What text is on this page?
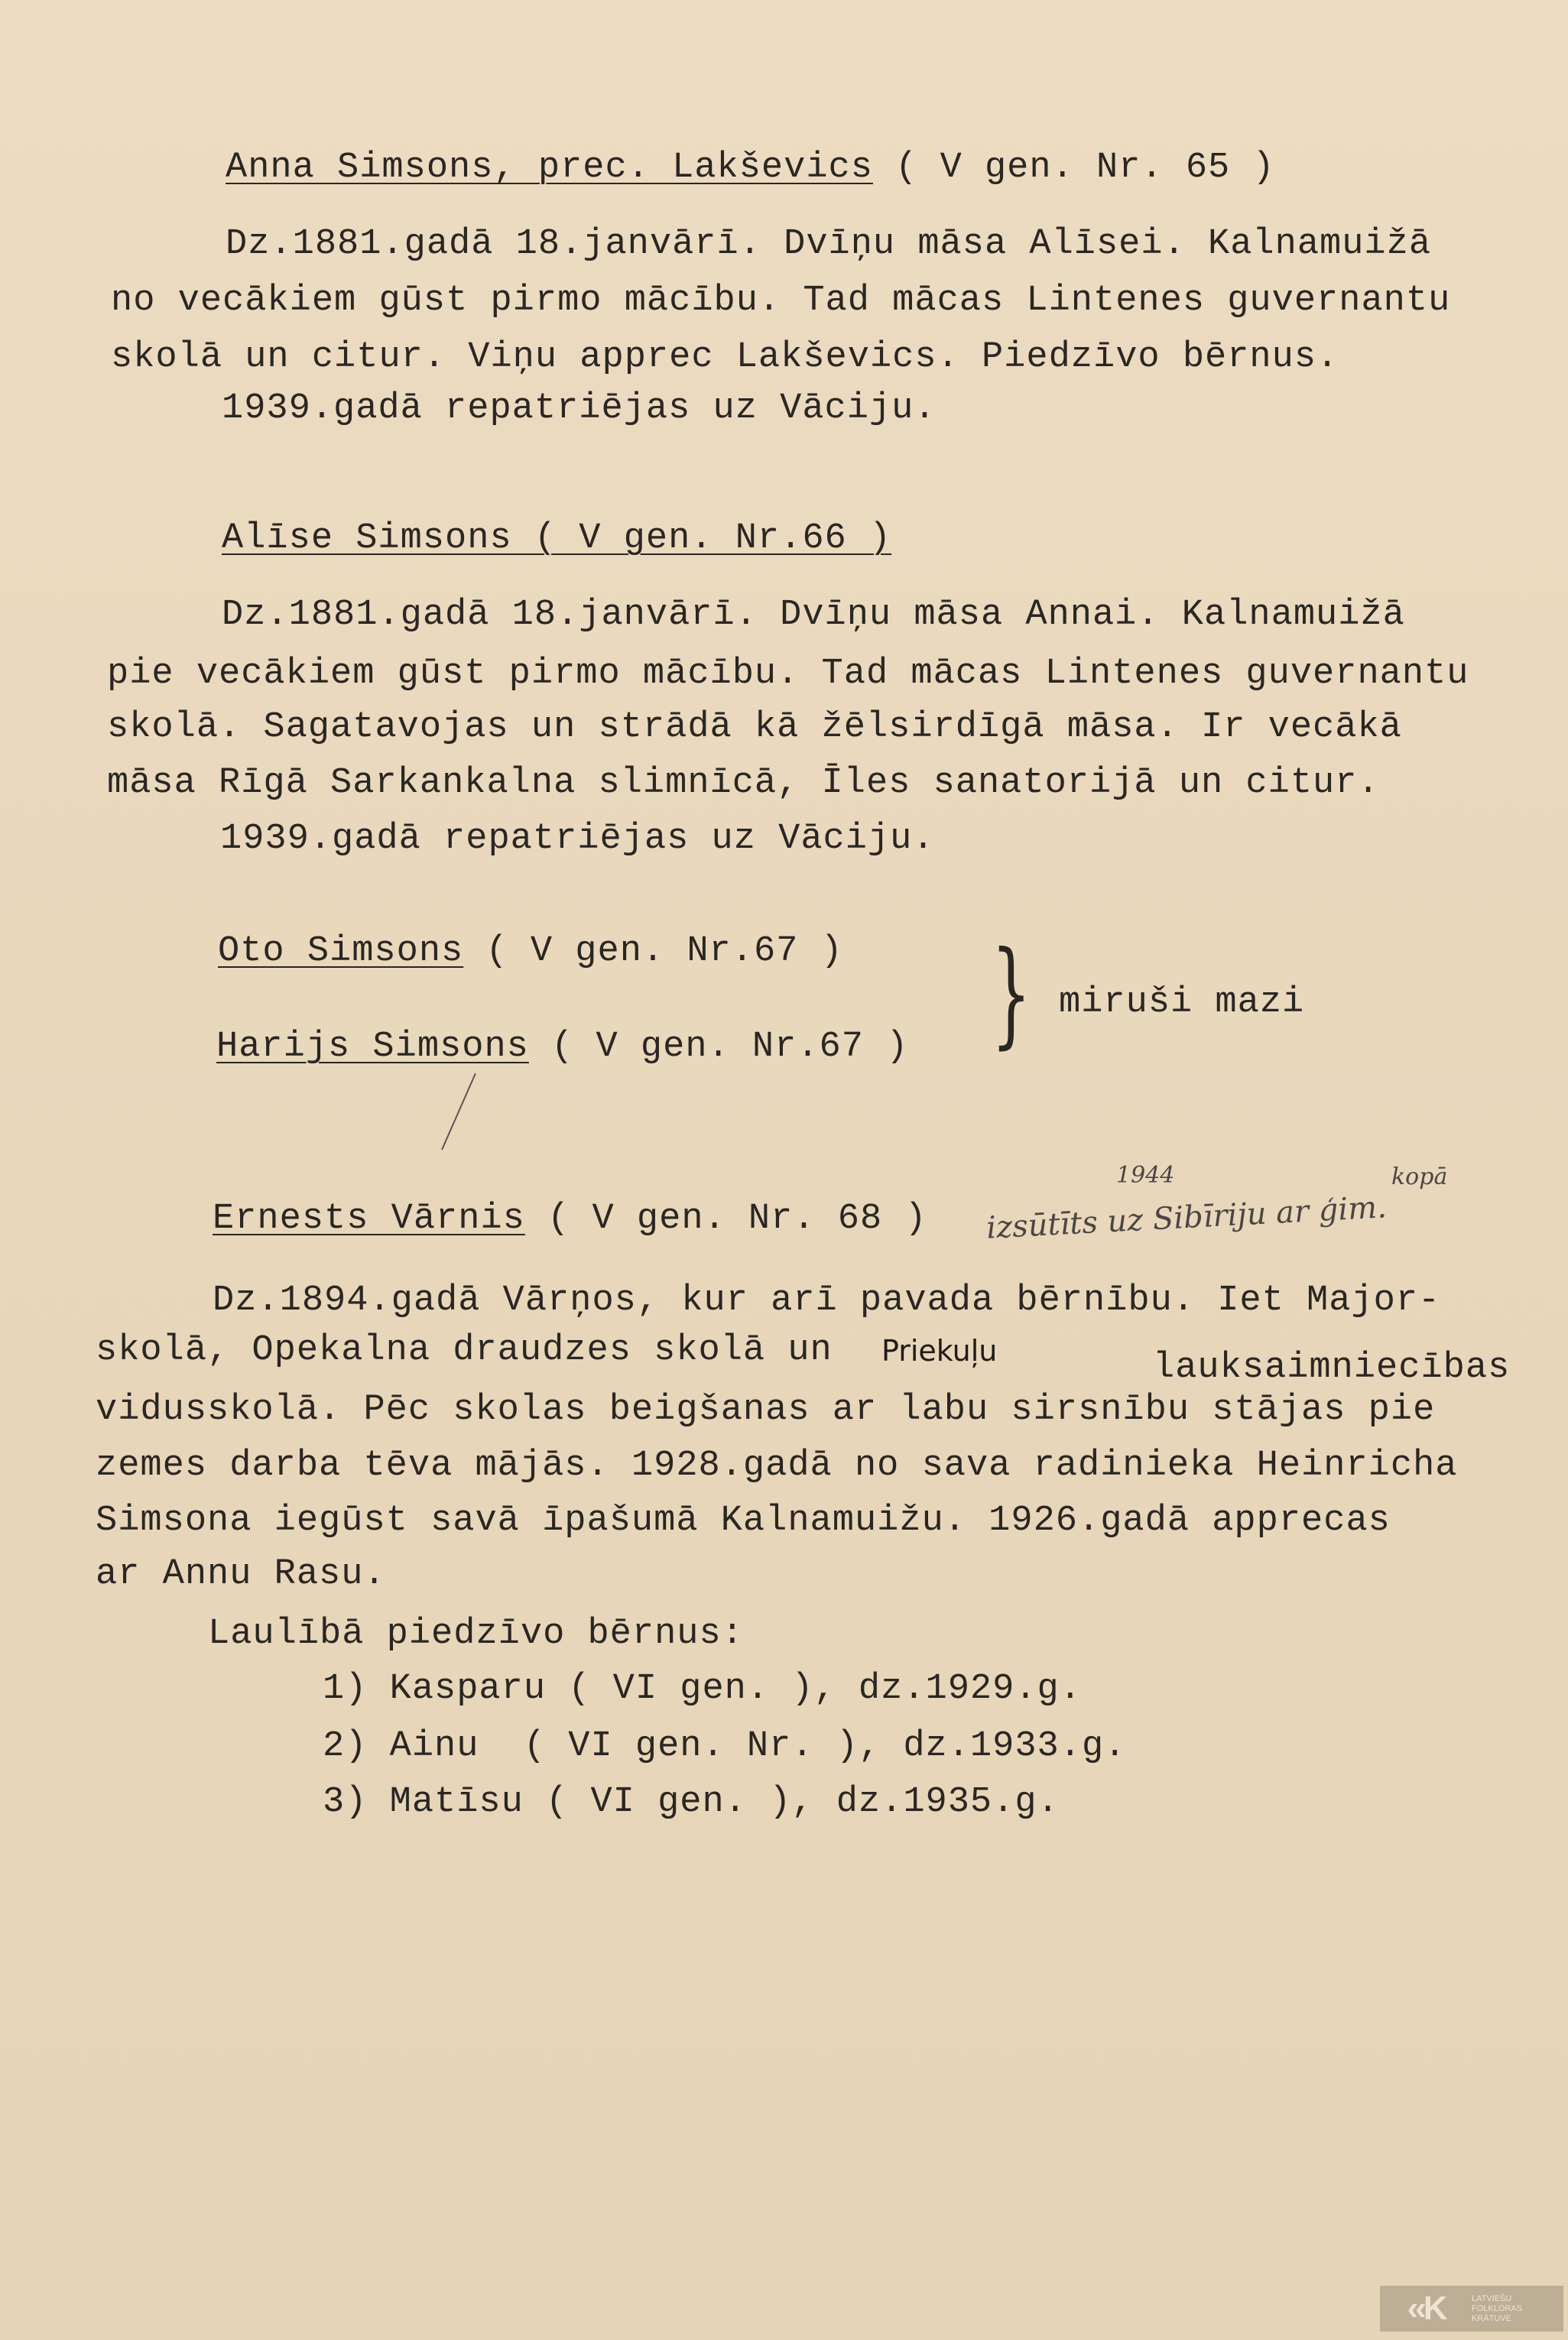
Anna Simsons, prec. Lakševics ( V gen. Nr. 65 )
Dz.1881.gadā 18.janvārī. Dvīņu māsa Alīsei. Kalnamuižā
no vecākiem gūst pirmo mācību. Tad mācas Lintenes guvernantu
skolā un citur. Viņu apprec Lakševics. Piedzīvo bērnus.
1939.gadā repatriējas uz Vāciju.
Alīse Simsons ( V gen. Nr.66 )
Dz.1881.gadā 18.janvārī. Dvīņu māsa Annai. Kalnamuižā
pie vecākiem gūst pirmo mācību. Tad mācas Lintenes guvernantu
skolā. Sagatavojas un strādā kā žēlsirdīgā māsa. Ir vecākā
māsa Rīgā Sarkankalna slimnīcā, Īles sanatorijā un citur.
1939.gadā repatriējas uz Vāciju.
Oto Simsons ( V gen. Nr.67 )
Harijs Simsons ( V gen. Nr.67 ) } miruši mazi
Ernests Vārnis ( V gen. Nr. 68 ) izsūtīts uz Sibīriju ar ģim.
1944	kopā
Dz.1894.gadā Vārņos, kur arī pavada bērnību. Iet Major-
skolā, Opekalna draudzes skolā un Priekuļu	lauksaimniecības
vidusskolā. Pēc skolas beigšanas ar labu sirsnību stājas pie
zemes darba tēva mājās. 1928.gadā no sava radinieka Heinricha
Simsona iegūst savā īpašumā Kalnamuižu. 1926.gadā apprecas
ar Annu Rasu.
Laulībā piedzīvo bērnus:
1) Kasparu ( VI gen. ), dz.1929.g.
2) Ainu  ( VI gen. Nr. ), dz.1933.g.
3) Matīsu ( VI gen. ), dz.1935.g.
‹‹K	LATVIEŠU
FOLKLORAS
KRĀTUVE
